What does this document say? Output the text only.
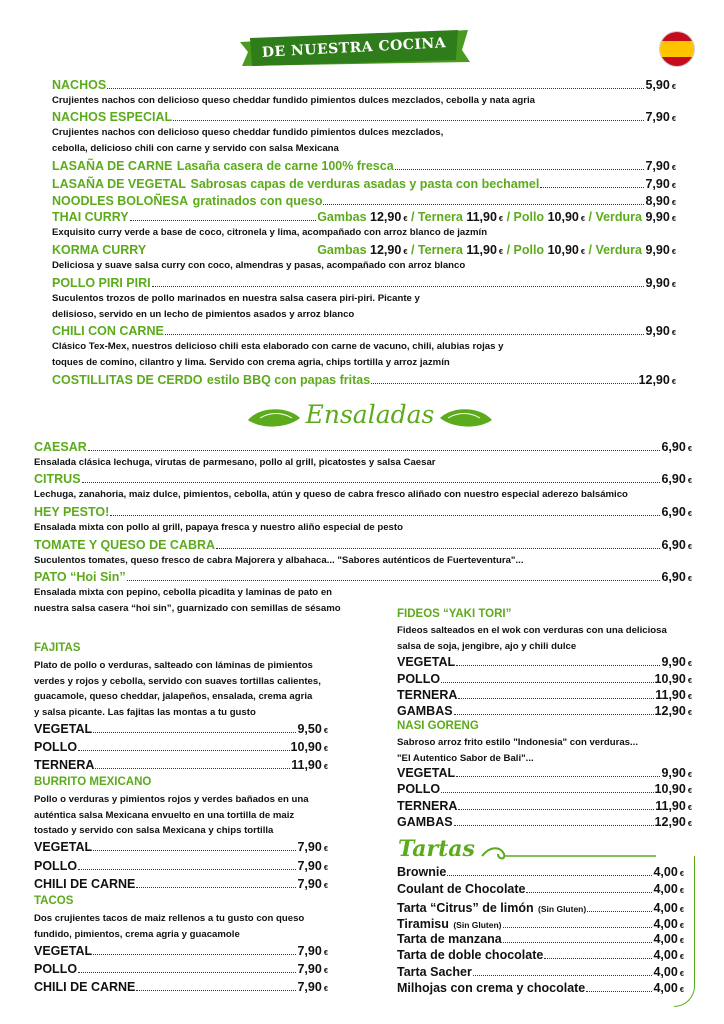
DE NUESTRA COCINA
NACHOS	5,90 €
Crujientes nachos con delicioso queso cheddar fundido pimientos dulces mezclados, cebolla y nata agria
NACHOS ESPECIAL	7,90 €
Crujientes nachos con delicioso queso cheddar fundido pimientos dulces mezclados,
cebolla, delicioso chili con carne y servido con salsa Mexicana
LASAÑA DE CARNE
Lasaña casera de carne 100% fresca	7,90 €
LASAÑA DE VEGETAL
Sabrosas capas de verduras asadas y pasta con bechamel	7,90 €
NOODLES BOLOÑESA
gratinados con queso	8,90 €
THAI CURRY	Gambas 12,90 € / Ternera 11,90 € / Pollo 10,90 € / Verdura 9,90 €
Exquisito curry verde a base de coco, citronela y lima, acompañado con arroz blanco de jazmín
KORMA CURRY	Gambas 12,90 € / Ternera 11,90 € / Pollo 10,90 € / Verdura 9,90 €
Deliciosa y suave salsa curry con coco, almendras y pasas, acompañado con arroz blanco
POLLO PIRI PIRI	9,90 €
Suculentos trozos de pollo marinados en nuestra salsa casera piri-piri. Picante y
delisioso, servido en un lecho de pimientos asados y arroz blanco
CHILI CON CARNE	9,90 €
Clásico Tex-Mex, nuestros delicioso chili esta elaborado con carne de vacuno, chili, alubias rojas y
toques de comino, cilantro y lima. Servido con crema agria, chips tortilla y arroz jazmín
COSTILLITAS DE CERDO
estilo BBQ con papas fritas	12,90 €
Ensaladas
CAESAR	6,90 €
Ensalada clásica lechuga, virutas de parmesano, pollo al grill, picatostes y salsa Caesar
CITRUS	6,90 €
Lechuga, zanahoria, maiz dulce, pimientos, cebolla, atún y queso de cabra fresco aliñado con nuestro especial aderezo balsámico
HEY PESTO!	6,90 €
Ensalada mixta con pollo al grill, papaya fresca y nuestro aliño especial de pesto
TOMATE Y QUESO DE CABRA	6,90 €
Suculentos tomates, queso fresco de cabra Majorera y albahaca... "Sabores auténticos de Fuerteventura"...
PATO “Hoi Sin”	6,90 €
Ensalada mixta con pepino, cebolla picadita y laminas de pato en
nuestra salsa casera “hoi sin”, guarnizado con semillas de sésamo
FAJITAS
Plato de pollo o verduras, salteado con láminas de pimientos
verdes y rojos y cebolla, servido con suaves tortillas calientes,
guacamole, queso cheddar, jalapeños, ensalada, crema agria
y salsa picante. Las fajitas las montas a tu gusto
VEGETAL	9,50 €
POLLO	10,90 €
TERNERA	11,90 €
BURRITO MEXICANO
Pollo o verduras y pimientos rojos y verdes bañados en una
auténtica salsa Mexicana envuelto en una tortilla de maiz
tostado y servido con salsa Mexicana y chips tortilla
VEGETAL	7,90 €
POLLO	7,90 €
CHILI DE CARNE	7,90 €
TACOS
Dos crujientes tacos de maiz rellenos a tu gusto con queso
fundido, pimientos, crema agria y guacamole
VEGETAL	7,90 €
POLLO	7,90 €
CHILI DE CARNE	7,90 €
FIDEOS “YAKI TORI”
Fideos salteados en el wok con verduras con una deliciosa
salsa de soja, jengibre, ajo y chili dulce
VEGETAL	9,90 €
POLLO	10,90 €
TERNERA	11,90 €
GAMBAS	12,90 €
NASI GORENG
Sabroso arroz frito estilo "Indonesia" con verduras...
"El Autentico Sabor de Bali"...
VEGETAL	9,90 €
POLLO	10,90 €
TERNERA	11,90 €
GAMBAS	12,90 €
Tartas
Brownie	4,00 €
Coulant de Chocolate	4,00 €
Tarta “Citrus” de limón
(Sin Gluten)	4,00 €
Tiramisu
(Sin Gluten)	4,00 €
Tarta de manzana	4,00 €
Tarta de doble chocolate	4,00 €
Tarta Sacher	4,00 €
Milhojas con crema y chocolate	4,00 €
